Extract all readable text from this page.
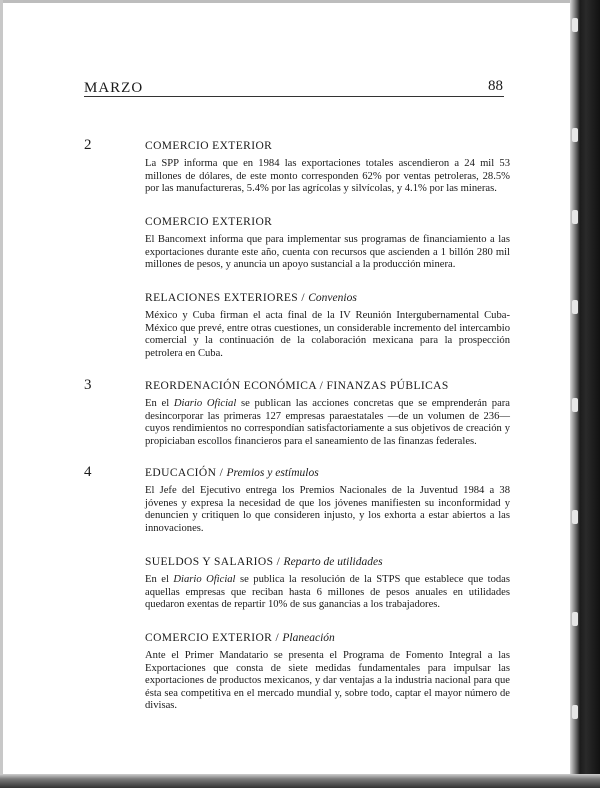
MARZO	88
2
3
4

COMERCIO EXTERIOR

La SPP informa que en 1984 las exportaciones totales ascendieron a 24 mil 53 millones de dólares, de este monto corresponden 62% por ventas petroleras, 28.5% por las manufactureras, 5.4% por las agrícolas y silvícolas, y 4.1% por las mineras.

COMERCIO EXTERIOR

El Bancomext informa que para implementar sus programas de financiamiento a las exportaciones durante este año, cuenta con recursos que ascienden a 1 billón 280 mil millones de pesos, y anuncia un apoyo sustancial a la producción minera.

RELACIONES EXTERIORES / Convenios

México y Cuba firman el acta final de la IV Reunión Intergubernamental Cuba-México que prevé, entre otras cuestiones, un considerable incremento del intercambio comercial y la continuación de la colaboración mexicana para la prospección petrolera en Cuba.

REORDENACIÓN ECONÓMICA / FINANZAS PÚBLICAS

En el Diario Oficial se publican las acciones concretas que se emprenderán para desincorporar las primeras 127 empresas paraestatales —de un volumen de 236— cuyos rendimientos no correspondían satisfactoriamente a sus objetivos de creación y propiciaban escollos financieros para el saneamiento de las finanzas federales.

EDUCACIÓN / Premios y estímulos

El Jefe del Ejecutivo entrega los Premios Nacionales de la Juventud 1984 a 38 jóvenes y expresa la necesidad de que los jóvenes manifiesten su inconformidad y denuncien y critiquen lo que consideren injusto, y los exhorta a estar abiertos a las innovaciones.

SUELDOS Y SALARIOS / Reparto de utilidades

En el Diario Oficial se publica la resolución de la STPS que establece que todas aquellas empresas que reciban hasta 6 millones de pesos anuales en utilidades quedaron exentas de repartir 10% de sus ganancias a los trabajadores.

COMERCIO EXTERIOR / Planeación

Ante el Primer Mandatario se presenta el Programa de Fomento Integral a las Exportaciones que consta de siete medidas fundamentales para impulsar las exportaciones de productos mexicanos, y dar ventajas a la industria nacional para que ésta sea competitiva en el mercado mundial y, sobre todo, captar el mayor número de divisas.
